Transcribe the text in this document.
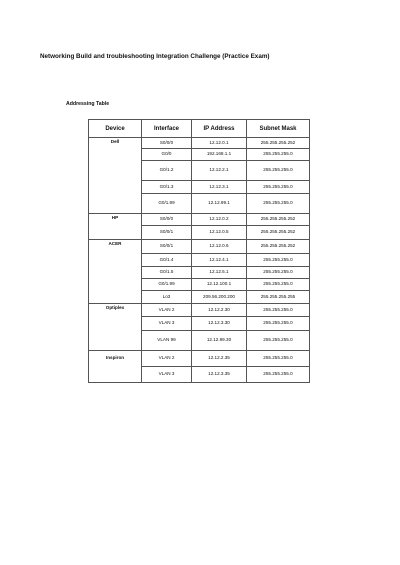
Networking Build and troubleshooting Integration Challenge (Practice Exam)
Addressing Table
Device	Interface	IP Address	Subnet Mask
Dell	S0/0/0	12.12.0.1	255.255.255.252
	G0/0	192.168.1.1	255.255.255.0
	G0/1.2	12.12.2.1	255.255.255.0
	G0/1.3	12.12.3.1	255.255.255.0
	G0/1.99	12.12.99.1	255.255.255.0
HP	S0/0/0	12.12.0.2	255.255.255.252
	S0/0/1	12.12.0.5	255.255.255.252
ACER	S0/0/1	12.12.0.6	255.255.255.252
	G0/1.4	12.12.4.1	255.255.255.0
	G0/1.5	12.12.5.1	255.255.255.0
	G0/1.99	12.12.100.1	255.255.255.0
	Lo3	209.56.200.200	255.255.255.255
Optiplex	VLAN 2	12.12.2.30	255.255.255.0
	VLAN 3	12.12.3.30	255.255.255.0
	VLAN 99	12.12.99.30	255.255.255.0
Inspiron	VLAN 2	12.12.2.35	255.255.255.0
	VLAN 3	12.12.3.35	255.255.255.0
